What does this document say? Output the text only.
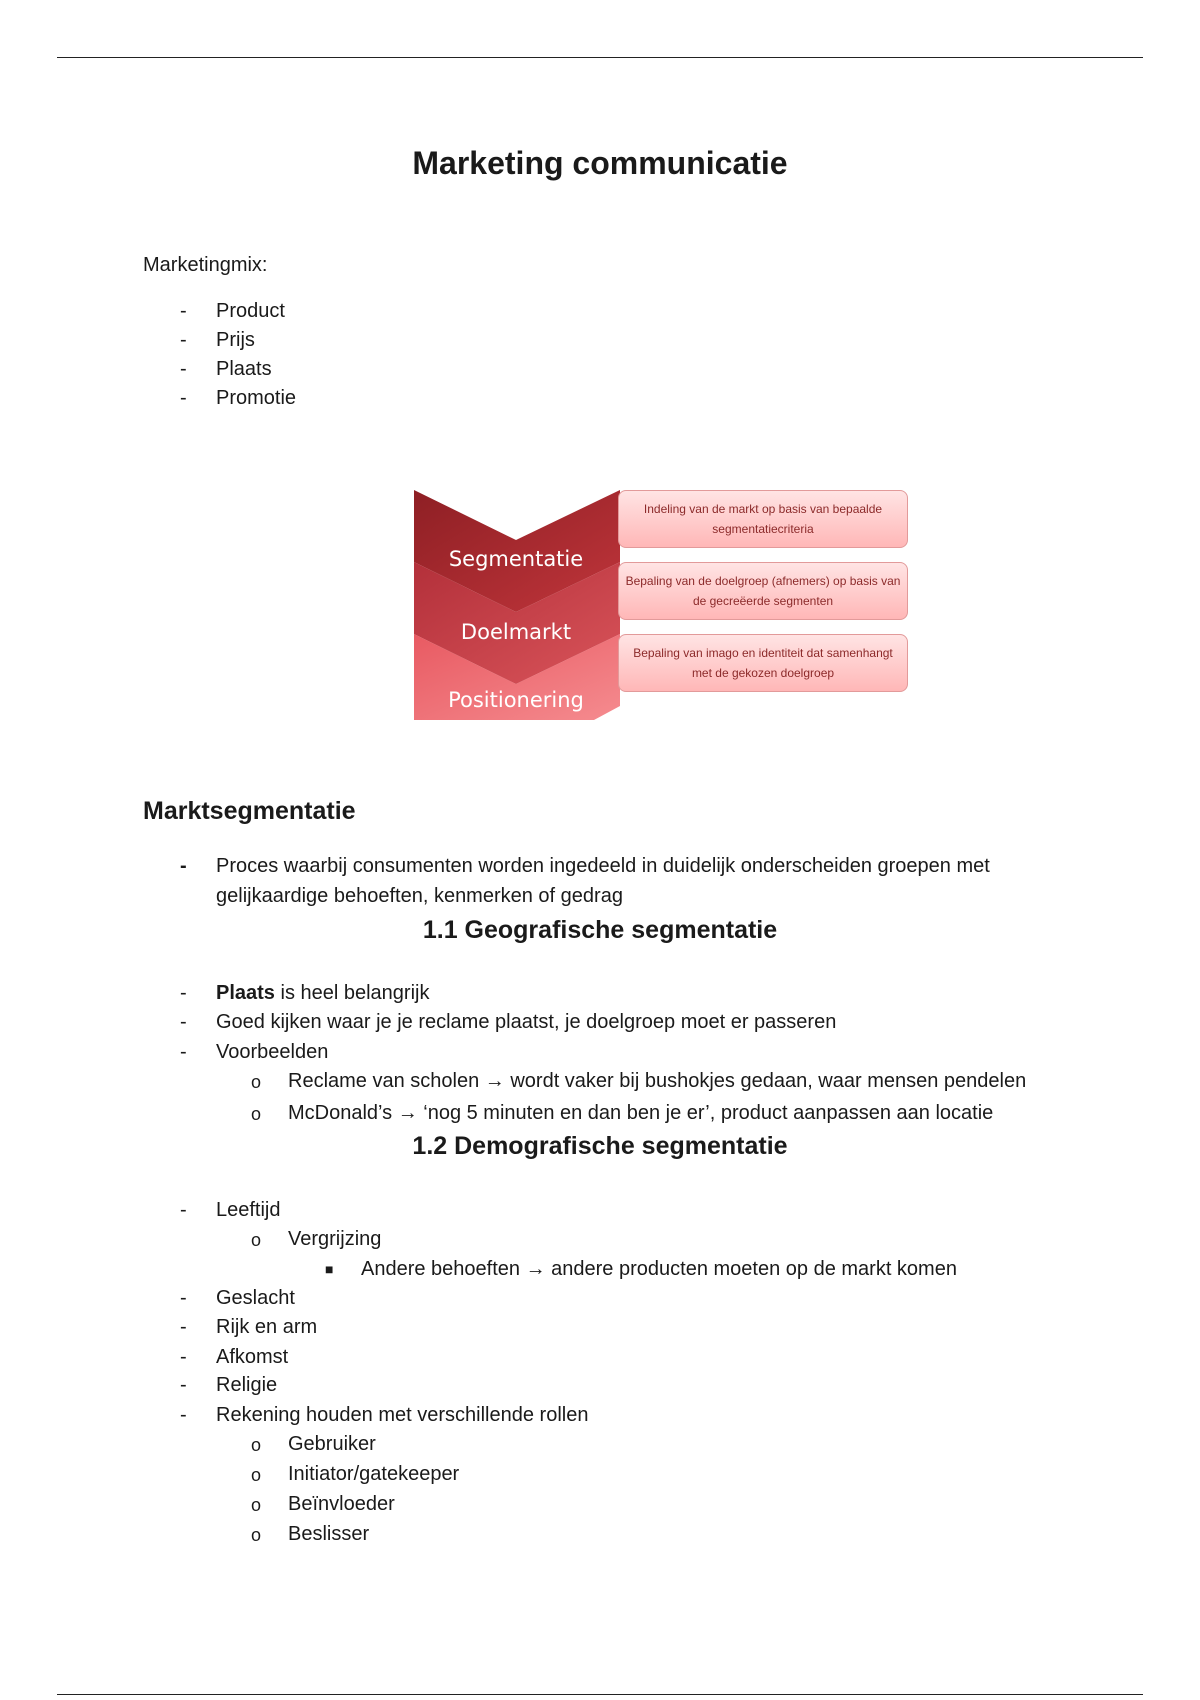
Marketing communicatie
Marketingmix:
- Product
- Prijs
- Plaats
- Promotie
Segmentatie
Doelmarkt
Positionering
Indeling van de markt op basis van bepaalde segmentatiecriteria
Bepaling van de doelgroep (afnemers) op basis van de gecreëerde segmenten
Bepaling van imago en identiteit dat samenhangt met de gekozen doelgroep
Marktsegmentatie
- Proces waarbij consumenten worden ingedeeld in duidelijk onderscheiden groepen met
gelijkaardige behoeften, kenmerken of gedrag
1.1 Geografische segmentatie
- Plaats is heel belangrijk
- Goed kijken waar je je reclame plaatst, je doelgroep moet er passeren
- Voorbeelden
o Reclame van scholen → wordt vaker bij bushokjes gedaan, waar mensen pendelen
o McDonald’s → ‘nog 5 minuten en dan ben je er’, product aanpassen aan locatie
1.2 Demografische segmentatie
- Leeftijd
o Vergrijzing
■ Andere behoeften → andere producten moeten op de markt komen
- Geslacht
- Rijk en arm
- Afkomst
- Religie
- Rekening houden met verschillende rollen
o Gebruiker
o Initiator/gatekeeper
o Beïnvloeder
o Beslisser
